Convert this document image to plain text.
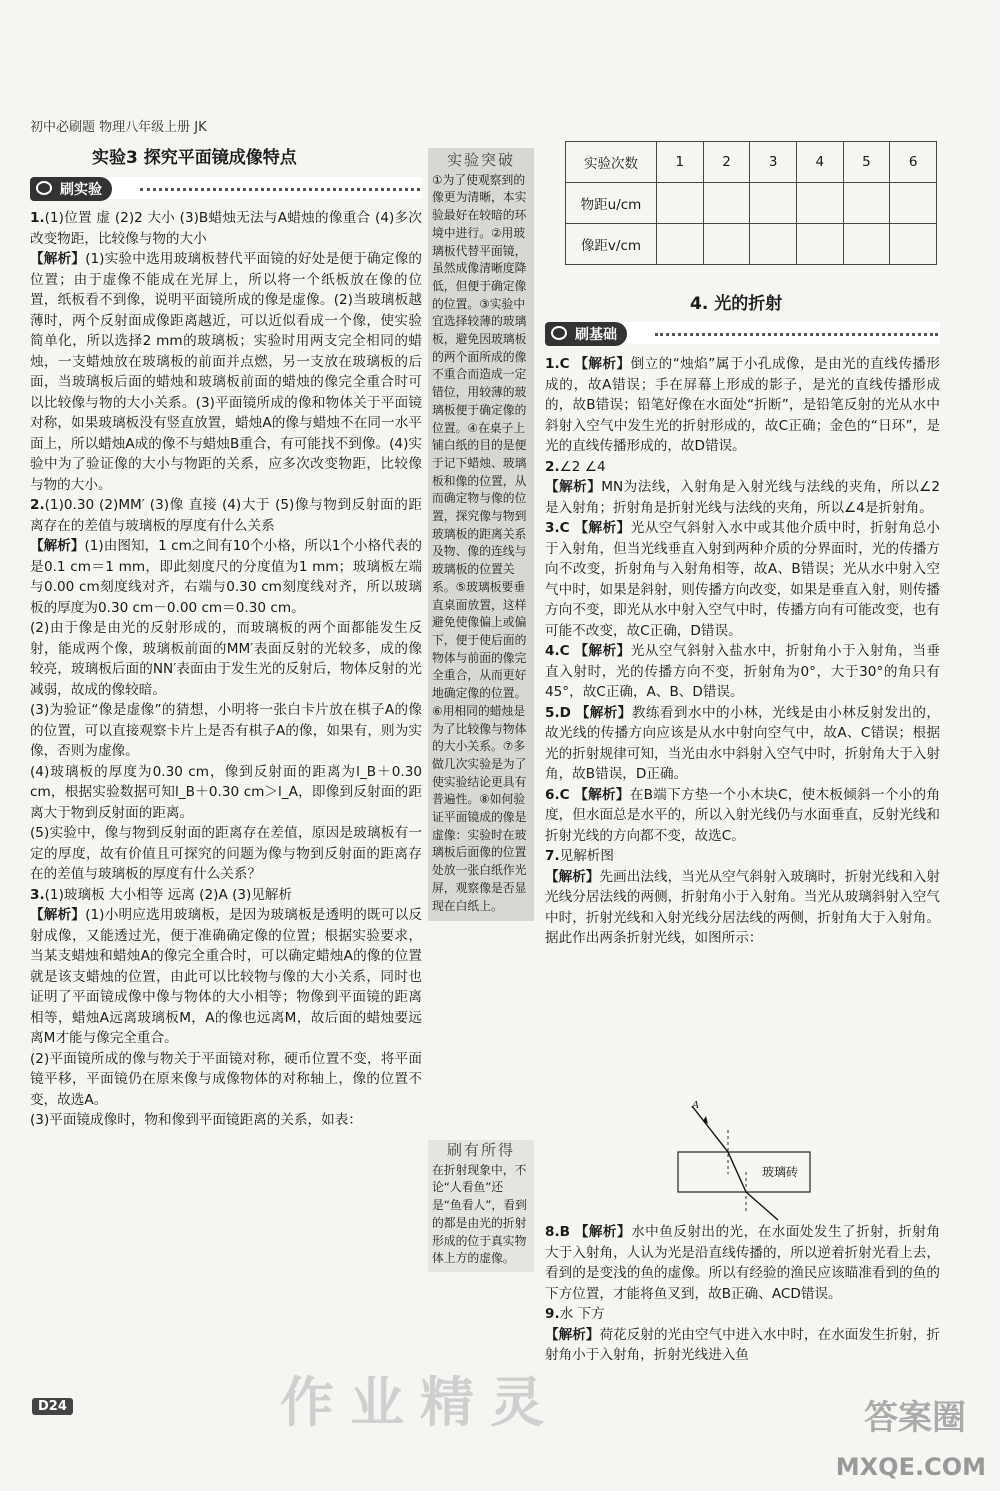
初中必刷题 物理八年级上册 JK
实验3 探究平面镜成像特点
刷实验

1.(1)位置 虚 (2)2 大小 (3)B蜡烛无法与A蜡烛的像重合 (4)多次改变物距，比较像与物的大小

【解析】(1)实验中选用玻璃板替代平面镜的好处是便于确定像的位置；由于虚像不能成在光屏上，所以将一个纸板放在像的位置，纸板看不到像，说明平面镜所成的像是虚像。(2)当玻璃板越薄时，两个反射面成像距离越近，可以近似看成一个像，使实验简单化，所以选择2 mm的玻璃板；实验时用两支完全相同的蜡烛，一支蜡烛放在玻璃板的前面并点燃，另一支放在玻璃板的后面，当玻璃板后面的蜡烛和玻璃板前面的蜡烛的像完全重合时可以比较像与物的大小关系。(3)平面镜所成的像和物体关于平面镜对称，如果玻璃板没有竖直放置，蜡烛A的像与蜡烛不在同一水平面上，所以蜡烛A成的像不与蜡烛B重合，有可能找不到像。(4)实验中为了验证像的大小与物距的关系，应多次改变物距，比较像与物的大小。

2.(1)0.30 (2)MM′ (3)像 直接 (4)大于 (5)像与物到反射面的距离存在的差值与玻璃板的厚度有什么关系

【解析】(1)由图知，1 cm之间有10个小格，所以1个小格代表的是0.1 cm＝1 mm，即此刻度尺的分度值为1 mm；玻璃板左端与0.00 cm刻度线对齐，右端与0.30 cm刻度线对齐，所以玻璃板的厚度为0.30 cm－0.00 cm＝0.30 cm。

(2)由于像是由光的反射形成的，而玻璃板的两个面都能发生反射，能成两个像，玻璃板前面的MM′表面反射的光较多，成的像较亮，玻璃板后面的NN′表面由于发生光的反射后，物体反射的光减弱，故成的像较暗。

(3)为验证“像是虚像”的猜想，小明将一张白卡片放在棋子A的像的位置，可以直接观察卡片上是否有棋子A的像，如果有，则为实像，否则为虚像。

(4)玻璃板的厚度为0.30 cm，像到反射面的距离为l_B＋0.30 cm，根据实验数据可知l_B＋0.30 cm＞l_A，即像到反射面的距离大于物到反射面的距离。

(5)实验中，像与物到反射面的距离存在差值，原因是玻璃板有一定的厚度，故有价值且可探究的问题为像与物到反射面的距离存在的差值与玻璃板的厚度有什么关系？

3.(1)玻璃板 大小相等 远离 (2)A (3)见解析

【解析】(1)小明应选用玻璃板，是因为玻璃板是透明的既可以反射成像，又能透过光，便于准确确定像的位置；根据实验要求，当某支蜡烛和蜡烛A的像完全重合时，可以确定蜡烛A的像的位置就是该支蜡烛的位置，由此可以比较物与像的大小关系，同时也证明了平面镜成像中像与物体的大小相等；物像到平面镜的距离相等，蜡烛A远离玻璃板M，A的像也远离M，故后面的蜡烛要远离M才能与像完全重合。

(2)平面镜所成的像与物关于平面镜对称，硬币位置不变，将平面镜平移，平面镜仍在原来像与成像物体的对称轴上，像的位置不变，故选A。

(3)平面镜成像时，物和像到平面镜距离的关系，如表：

实验突破
①为了使观察到的像更为清晰，本实验最好在较暗的环境中进行。②用玻璃板代替平面镜，虽然成像清晰度降低，但便于确定像的位置。③实验中宜选择较薄的玻璃板，避免因玻璃板的两个面所成的像不重合而造成一定错位，用较薄的玻璃板便于确定像的位置。④在桌子上铺白纸的目的是便于记下蜡烛、玻璃板和像的位置，从而确定物与像的位置，探究像与物到玻璃板的距离关系及物、像的连线与玻璃板的位置关系。⑤玻璃板要垂直桌面放置，这样避免使像偏上或偏下，便于使后面的物体与前面的像完全重合，从而更好地确定像的位置。⑥用相同的蜡烛是为了比较像与物体的大小关系。⑦多做几次实验是为了使实验结论更具有普遍性。⑧如何验证平面镜成的像是虚像：实验时在玻璃板后面像的位置处放一张白纸作光屏，观察像是否显现在白纸上。
刷有所得
在折射现象中，不论“人看鱼”还是“鱼看人”，看到的都是由光的折射形成的位于真实物体上方的虚像。
实验次数	1	2	3	4	5	6
物距u/cm						
像距v/cm						
4. 光的折射
刷基础

1.C 【解析】倒立的“烛焰”属于小孔成像，是由光的直线传播形成的，故A错误；手在屏幕上形成的影子，是光的直线传播形成的，故B错误；铅笔好像在水面处“折断”，是铅笔反射的光从水中斜射入空气中发生光的折射形成的，故C正确；金色的“日环”，是光的直线传播形成的，故D错误。

2.∠2 ∠4

【解析】MN为法线，入射角是入射光线与法线的夹角，所以∠2是入射角；折射角是折射光线与法线的夹角，所以∠4是折射角。

3.C 【解析】光从空气斜射入水中或其他介质中时，折射角总小于入射角，但当光线垂直入射到两种介质的分界面时，光的传播方向不改变，折射角与入射角相等，故A、B错误；光从水中射入空气中时，如果是斜射，则传播方向改变，如果是垂直入射，则传播方向不变，即光从水中射入空气中时，传播方向有可能改变，也有可能不改变，故C正确，D错误。

4.C 【解析】光从空气斜射入盐水中，折射角小于入射角，当垂直入射时，光的传播方向不变，折射角为0°，大于30°的角只有45°，故C正确，A、B、D错误。

5.D 【解析】教练看到水中的小林，光线是由小林反射发出的，故光线的传播方向应该是从水中射向空气中，故A、C错误；根据光的折射规律可知，当光由水中斜射入空气中时，折射角大于入射角，故B错误，D正确。

6.C 【解析】在B端下方垫一个小木块C，使木板倾斜一个小的角度，但水面总是水平的，所以入射光线仍与水面垂直，反射光线和折射光线的方向都不变，故选C。

7.见解析图

【解析】先画出法线，当光从空气斜射入玻璃时，折射光线和入射光线分居法线的两侧，折射角小于入射角。当光从玻璃斜射入空气中时，折射光线和入射光线分居法线的两侧，折射角大于入射角。据此作出两条折射光线，如图所示：

A
玻璃砖

8.B 【解析】水中鱼反射出的光，在水面处发生了折射，折射角大于入射角，人认为光是沿直线传播的，所以逆着折射光看上去，看到的是变浅的鱼的虚像。所以有经验的渔民应该瞄准看到的鱼的下方位置，才能将鱼叉到，故B正确、ACD错误。

9.水 下方

【解析】荷花反射的光由空气中进入水中时，在水面发生折射，折射角小于入射角，折射光线进入鱼

D24	作业精灵	答案圈
MXQE.COM
